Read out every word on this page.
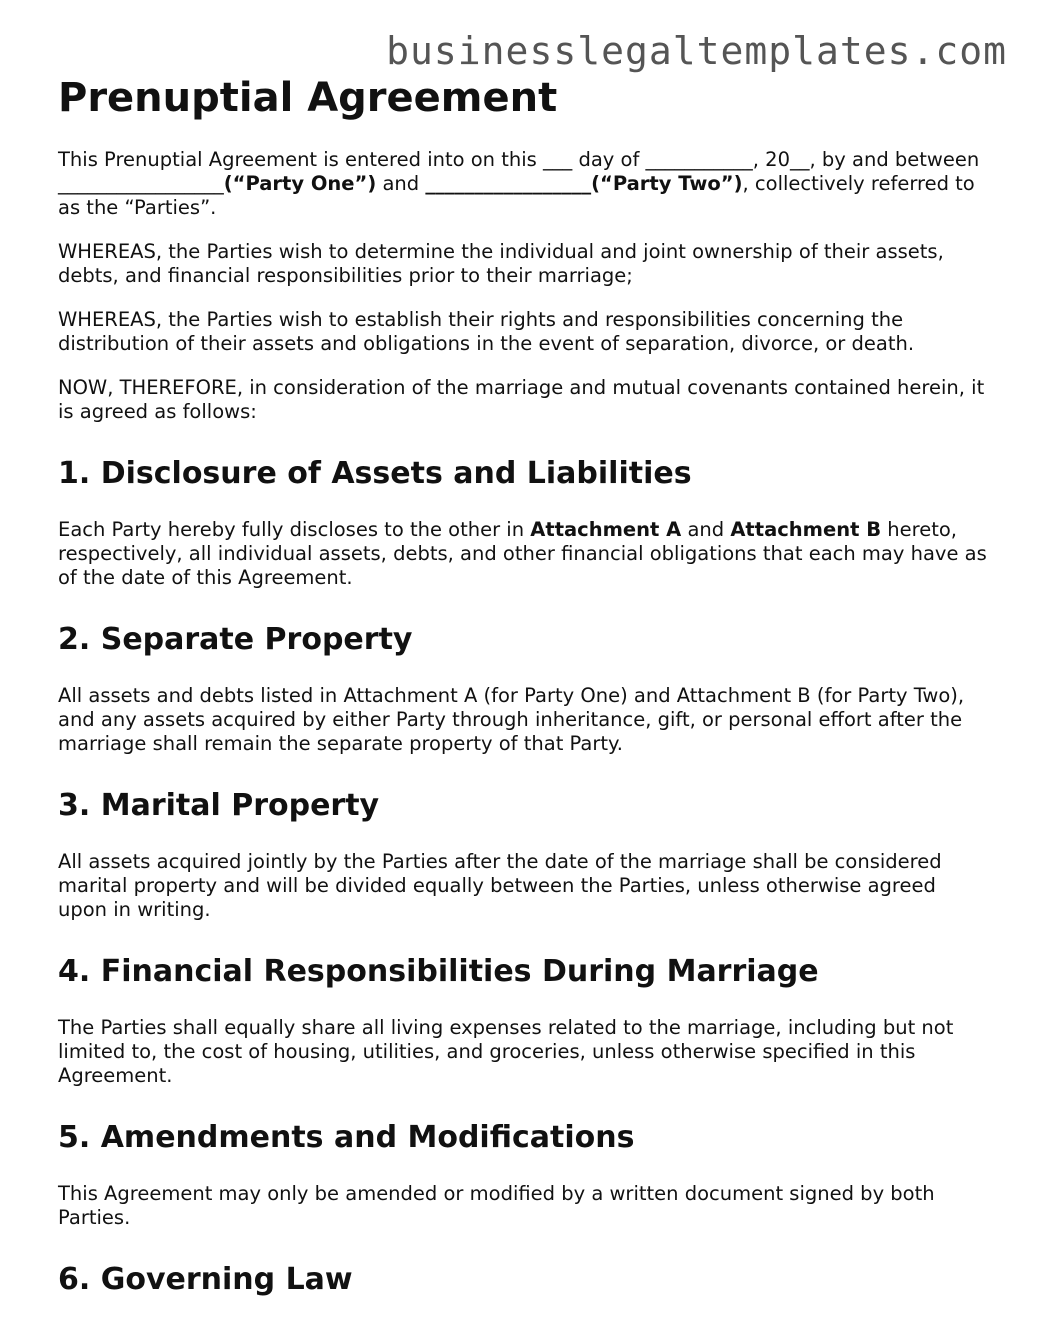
businesslegaltemplates.com
Prenuptial Agreement

This Prenuptial Agreement is entered into on this ___ day of ___________, 20__, by and between _________________(“Party One”) and _________________(“Party Two”), collectively referred to as the “Parties”.

WHEREAS, the Parties wish to determine the individual and joint ownership of their assets, debts, and financial responsibilities prior to their marriage;

WHEREAS, the Parties wish to establish their rights and responsibilities concerning the distribution of their assets and obligations in the event of separation, divorce, or death.

NOW, THEREFORE, in consideration of the marriage and mutual covenants contained herein, it is agreed as follows:

1. Disclosure of Assets and Liabilities

Each Party hereby fully discloses to the other in Attachment A and Attachment B hereto, respectively, all individual assets, debts, and other financial obligations that each may have as of the date of this Agreement.

2. Separate Property

All assets and debts listed in Attachment A (for Party One) and Attachment B (for Party Two), and any assets acquired by either Party through inheritance, gift, or personal effort after the marriage shall remain the separate property of that Party.

3. Marital Property

All assets acquired jointly by the Parties after the date of the marriage shall be considered marital property and will be divided equally between the Parties, unless otherwise agreed upon in writing.

4. Financial Responsibilities During Marriage

The Parties shall equally share all living expenses related to the marriage, including but not limited to, the cost of housing, utilities, and groceries, unless otherwise specified in this Agreement.

5. Amendments and Modifications

This Agreement may only be amended or modified by a written document signed by both Parties.

6. Governing Law
